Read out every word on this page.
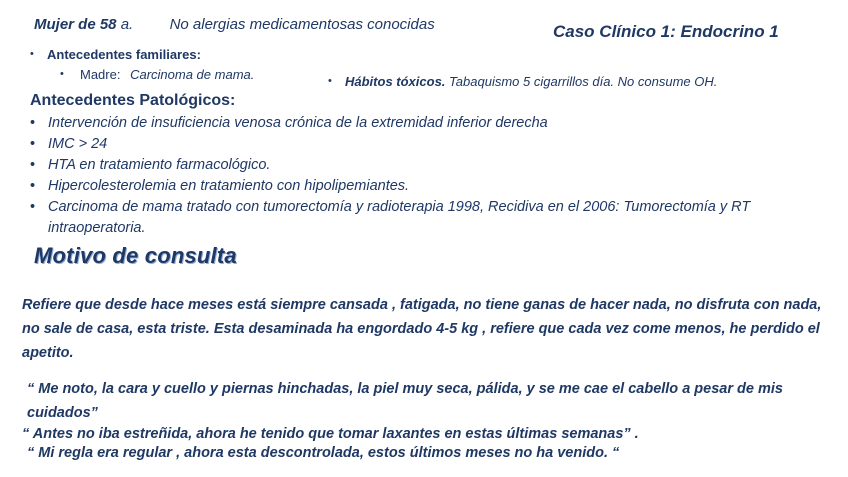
Mujer de 58 a. No alergias medicamentosas conocidas	Caso Clínico 1: Endocrino 1
• Antecedentes familiares:
• Madre: Carcinoma de mama.	• Hábitos tóxicos. Tabaquismo 5 cigarrillos día. No consume OH.
Antecedentes Patológicos:
• Intervención de insuficiencia venosa crónica de la extremidad inferior derecha
• IMC > 24
• HTA en tratamiento farmacológico.
• Hipercolesterolemia en tratamiento con hipolipemiantes.
• Carcinoma de mama tratado con tumorectomía y radioterapia 1998, Recidiva en el 2006: Tumorectomía y RT intraoperatoria.
Motivo de consulta
Refiere que desde hace meses está siempre cansada , fatigada, no tiene ganas de hacer nada, no disfruta con nada, no sale de casa, esta triste. Esta desaminada ha engordado 4-5 kg , refiere que cada vez come menos, he perdido el apetito.
“ Me noto, la cara y cuello y piernas hinchadas, la piel muy seca, pálida, y se me cae el cabello a pesar de mis cuidados”
“ Antes no iba estreñida, ahora he tenido que tomar laxantes en estas últimas semanas” .
“ Mi regla era regular , ahora esta descontrolada, estos últimos meses no ha venido. “
